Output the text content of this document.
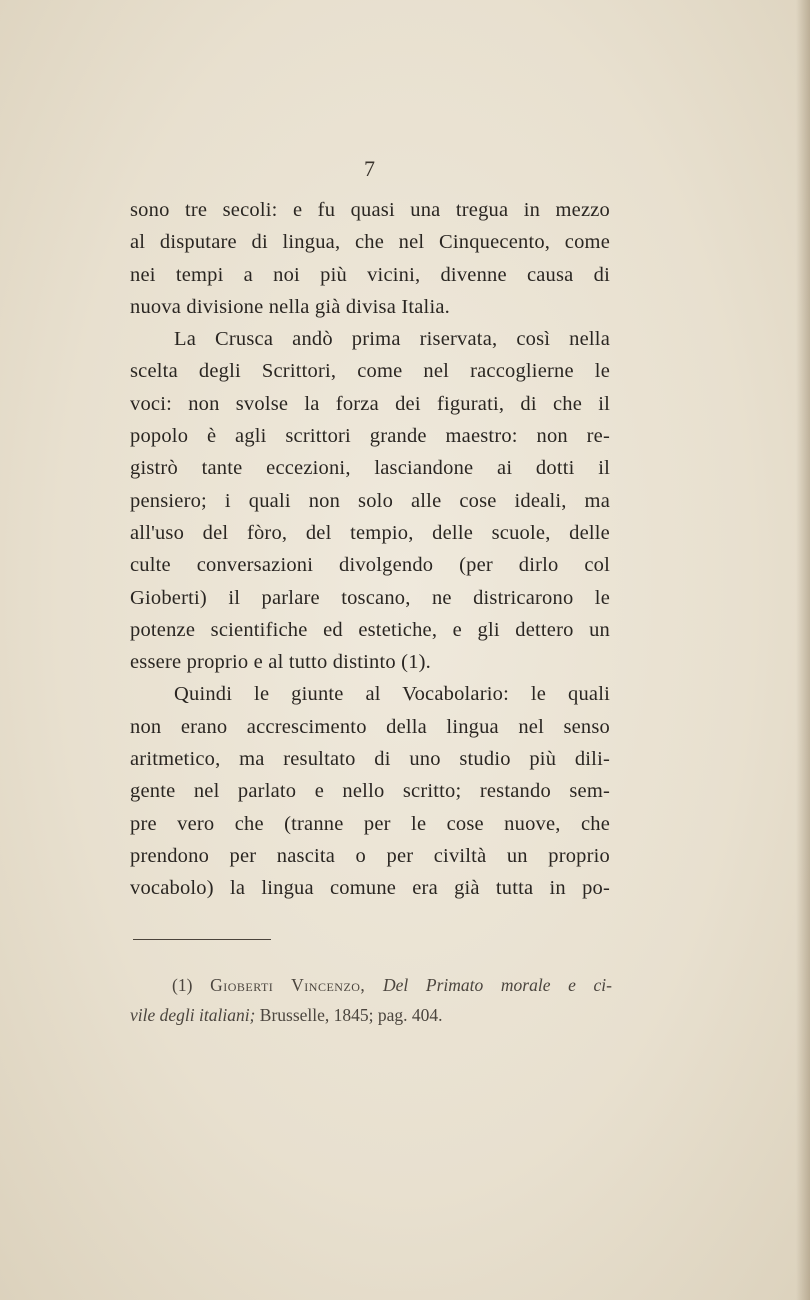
7
sono tre secoli: e fu quasi una tregua in mezzo
al disputare di lingua, che nel Cinquecento, come
nei tempi a noi più vicini, divenne causa di
nuova divisione nella già divisa Italia.
La Crusca andò prima riservata, così nella
scelta degli Scrittori, come nel raccoglierne le
voci: non svolse la forza dei figurati, di che il
popolo è agli scrittori grande maestro: non re-
gistrò tante eccezioni, lasciandone ai dotti il
pensiero; i quali non solo alle cose ideali, ma
all'uso del fòro, del tempio, delle scuole, delle
culte conversazioni divolgendo (per dirlo col
Gioberti) il parlare toscano, ne districarono le
potenze scientifiche ed estetiche, e gli dettero un
essere proprio e al tutto distinto (1).
Quindi le giunte al Vocabolario: le quali
non erano accrescimento della lingua nel senso
aritmetico, ma resultato di uno studio più dili-
gente nel parlato e nello scritto; restando sem-
pre vero che (tranne per le cose nuove, che
prendono per nascita o per civiltà un proprio
vocabolo) la lingua comune era già tutta in po-
(1) Gioberti Vincenzo, Del Primato morale e ci-
vile degli italiani; Brusselle, 1845; pag. 404.
